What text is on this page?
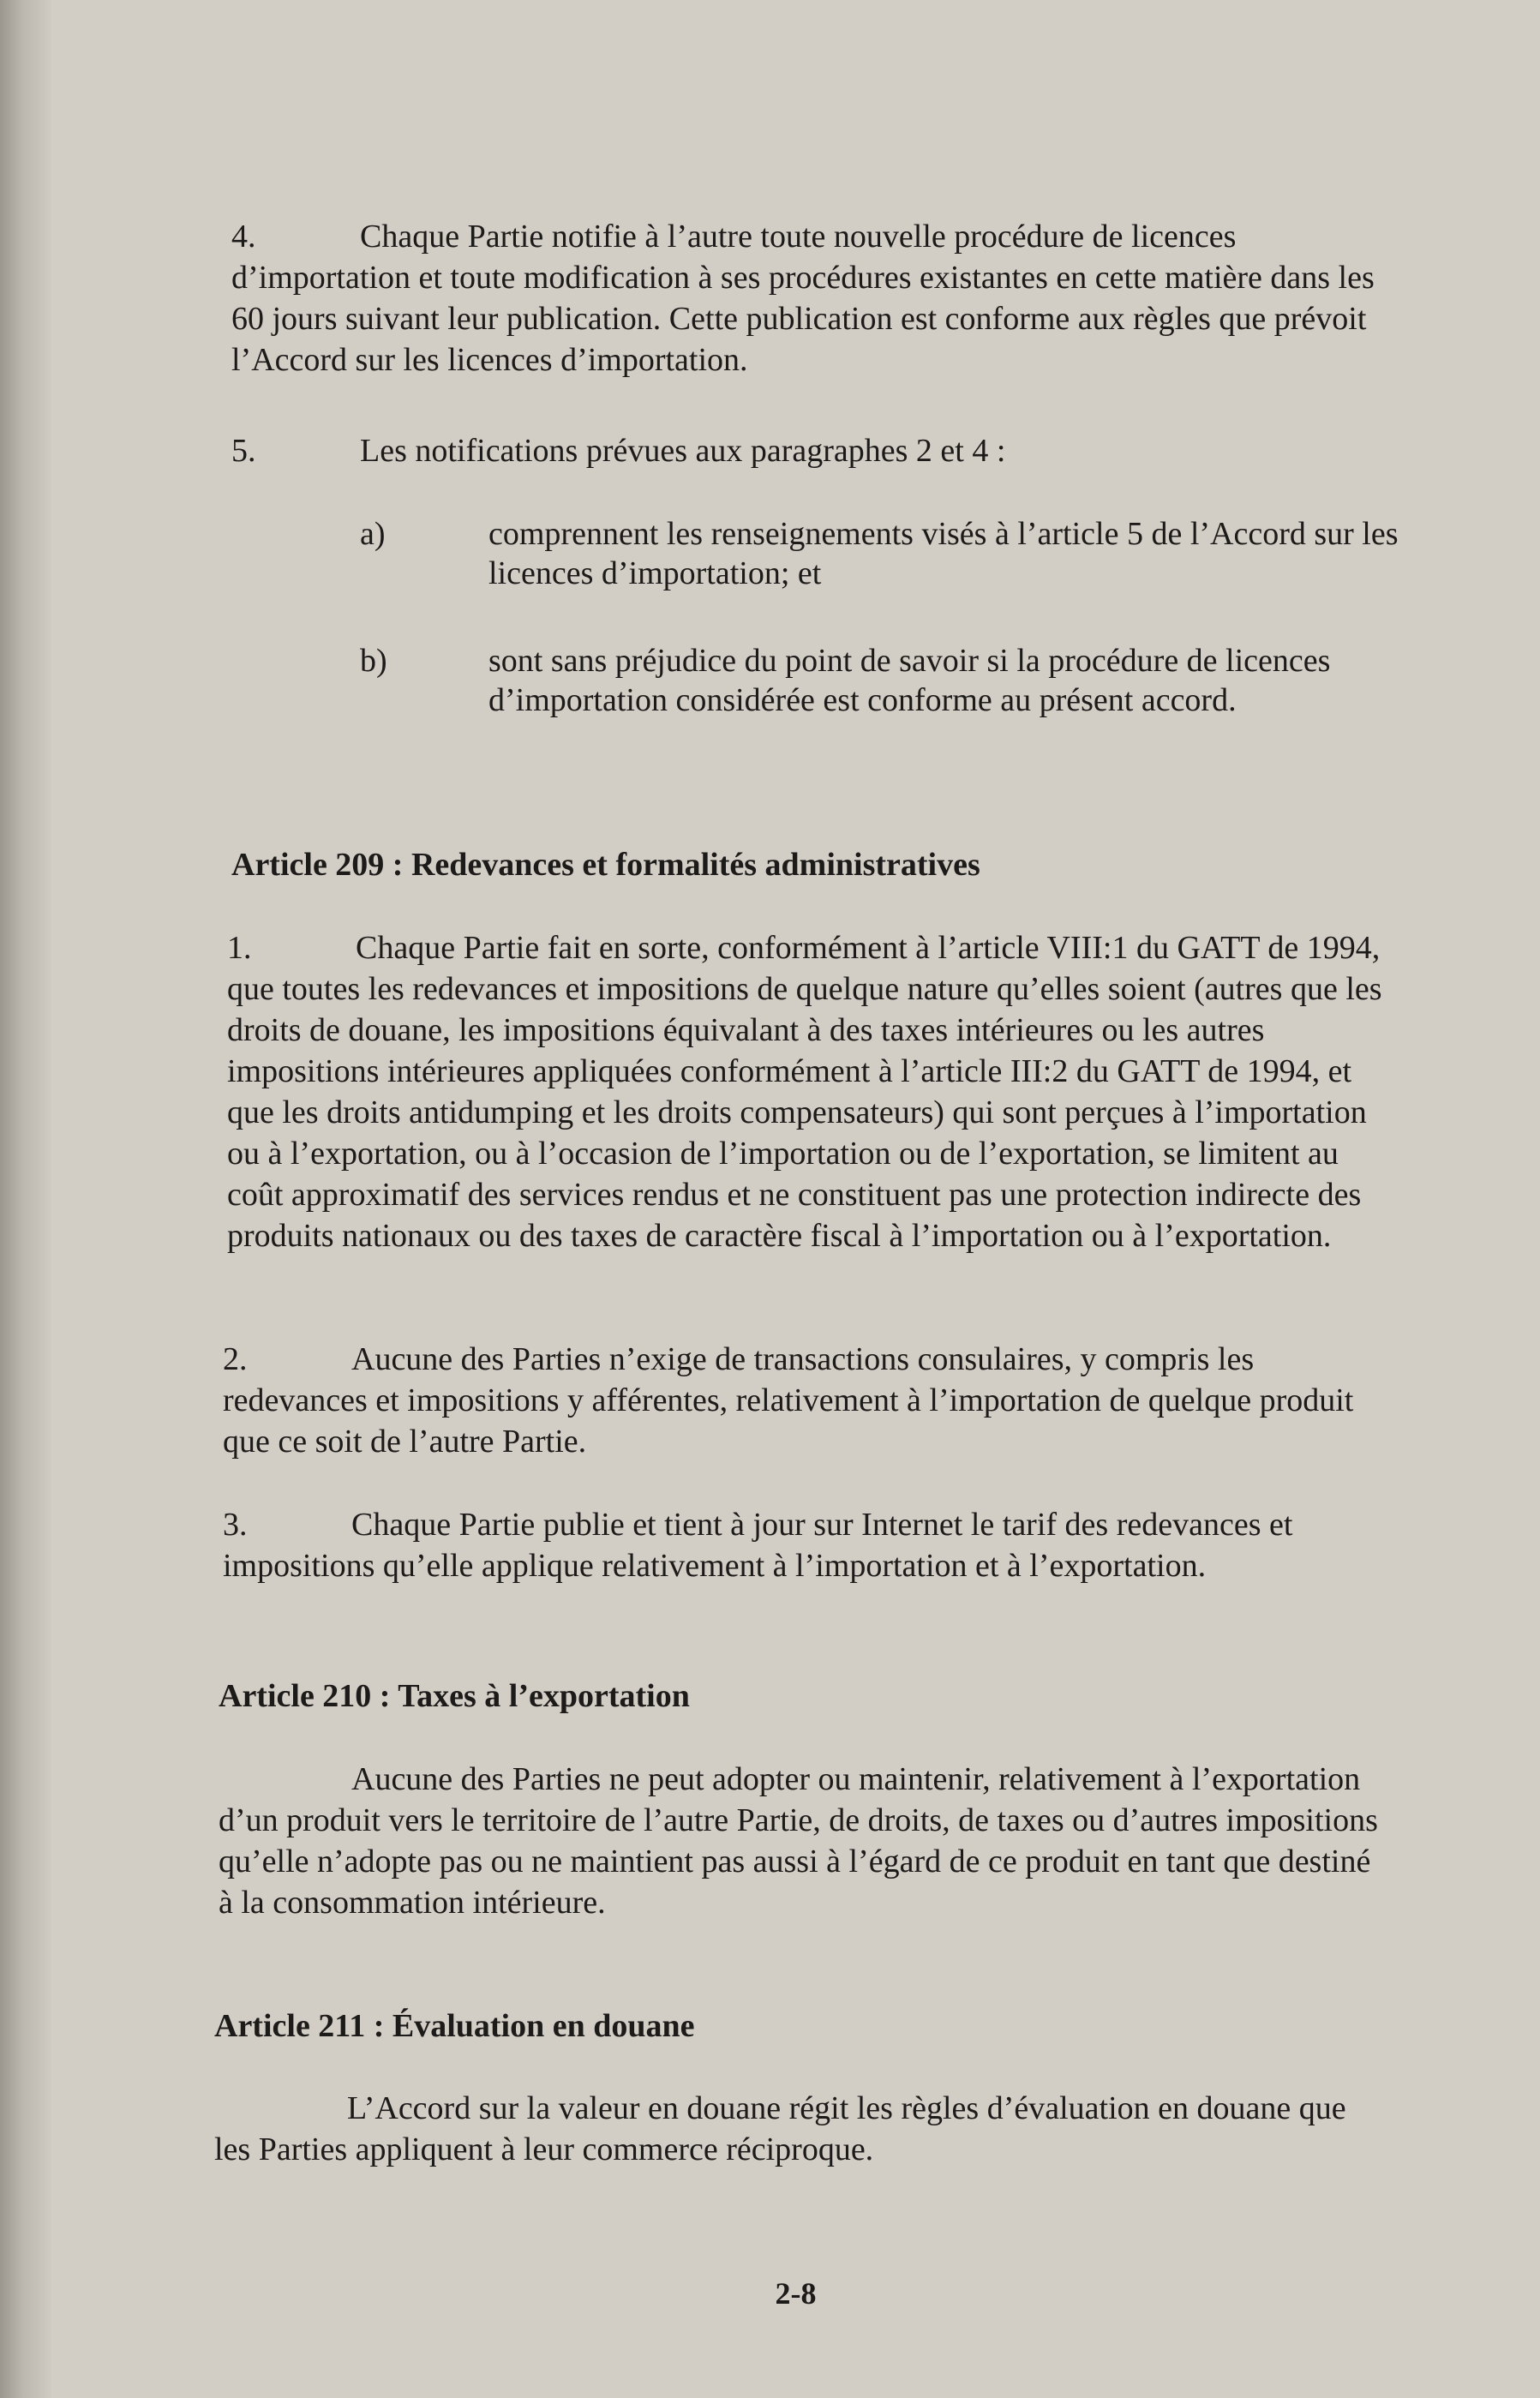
4.	Chaque Partie notifie à l’autre toute nouvelle procédure de licences d’importation et toute modification à ses procédures existantes en cette matière dans les 60 jours suivant leur publication. Cette publication est conforme aux règles que prévoit l’Accord sur les licences d’importation.

5.	Les notifications prévues aux paragraphes 2 et 4 :

a)	comprennent les renseignements visés à l’article 5 de l’Accord sur les licences d’importation; et
b)	sont sans préjudice du point de savoir si la procédure de licences d’importation considérée est conforme au présent accord.
Article 209 : Redevances et formalités administratives

1.	Chaque Partie fait en sorte, conformément à l’article VIII:1 du GATT de 1994, que toutes les redevances et impositions de quelque nature qu’elles soient (autres que les droits de douane, les impositions équivalant à des taxes intérieures ou les autres impositions intérieures appliquées conformément à l’article III:2 du GATT de 1994, et que les droits antidumping et les droits compensateurs) qui sont perçues à l’importation ou à l’exportation, ou à l’occasion de l’importation ou de l’exportation, se limitent au coût approximatif des services rendus et ne constituent pas une protection indirecte des produits nationaux ou des taxes de caractère fiscal à l’importation ou à l’exportation.

2.	Aucune des Parties n’exige de transactions consulaires, y compris les redevances et impositions y afférentes, relativement à l’importation de quelque produit que ce soit de l’autre Partie.

3.	Chaque Partie publie et tient à jour sur Internet le tarif des redevances et impositions qu’elle applique relativement à l’importation et à l’exportation.

Article 210 : Taxes à l’exportation

Aucune des Parties ne peut adopter ou maintenir, relativement à l’exportation d’un produit vers le territoire de l’autre Partie, de droits, de taxes ou d’autres impositions qu’elle n’adopte pas ou ne maintient pas aussi à l’égard de ce produit en tant que destiné à la consommation intérieure.

Article 211 : Évaluation en douane

L’Accord sur la valeur en douane régit les règles d’évaluation en douane que les Parties appliquent à leur commerce réciproque.

2-8
